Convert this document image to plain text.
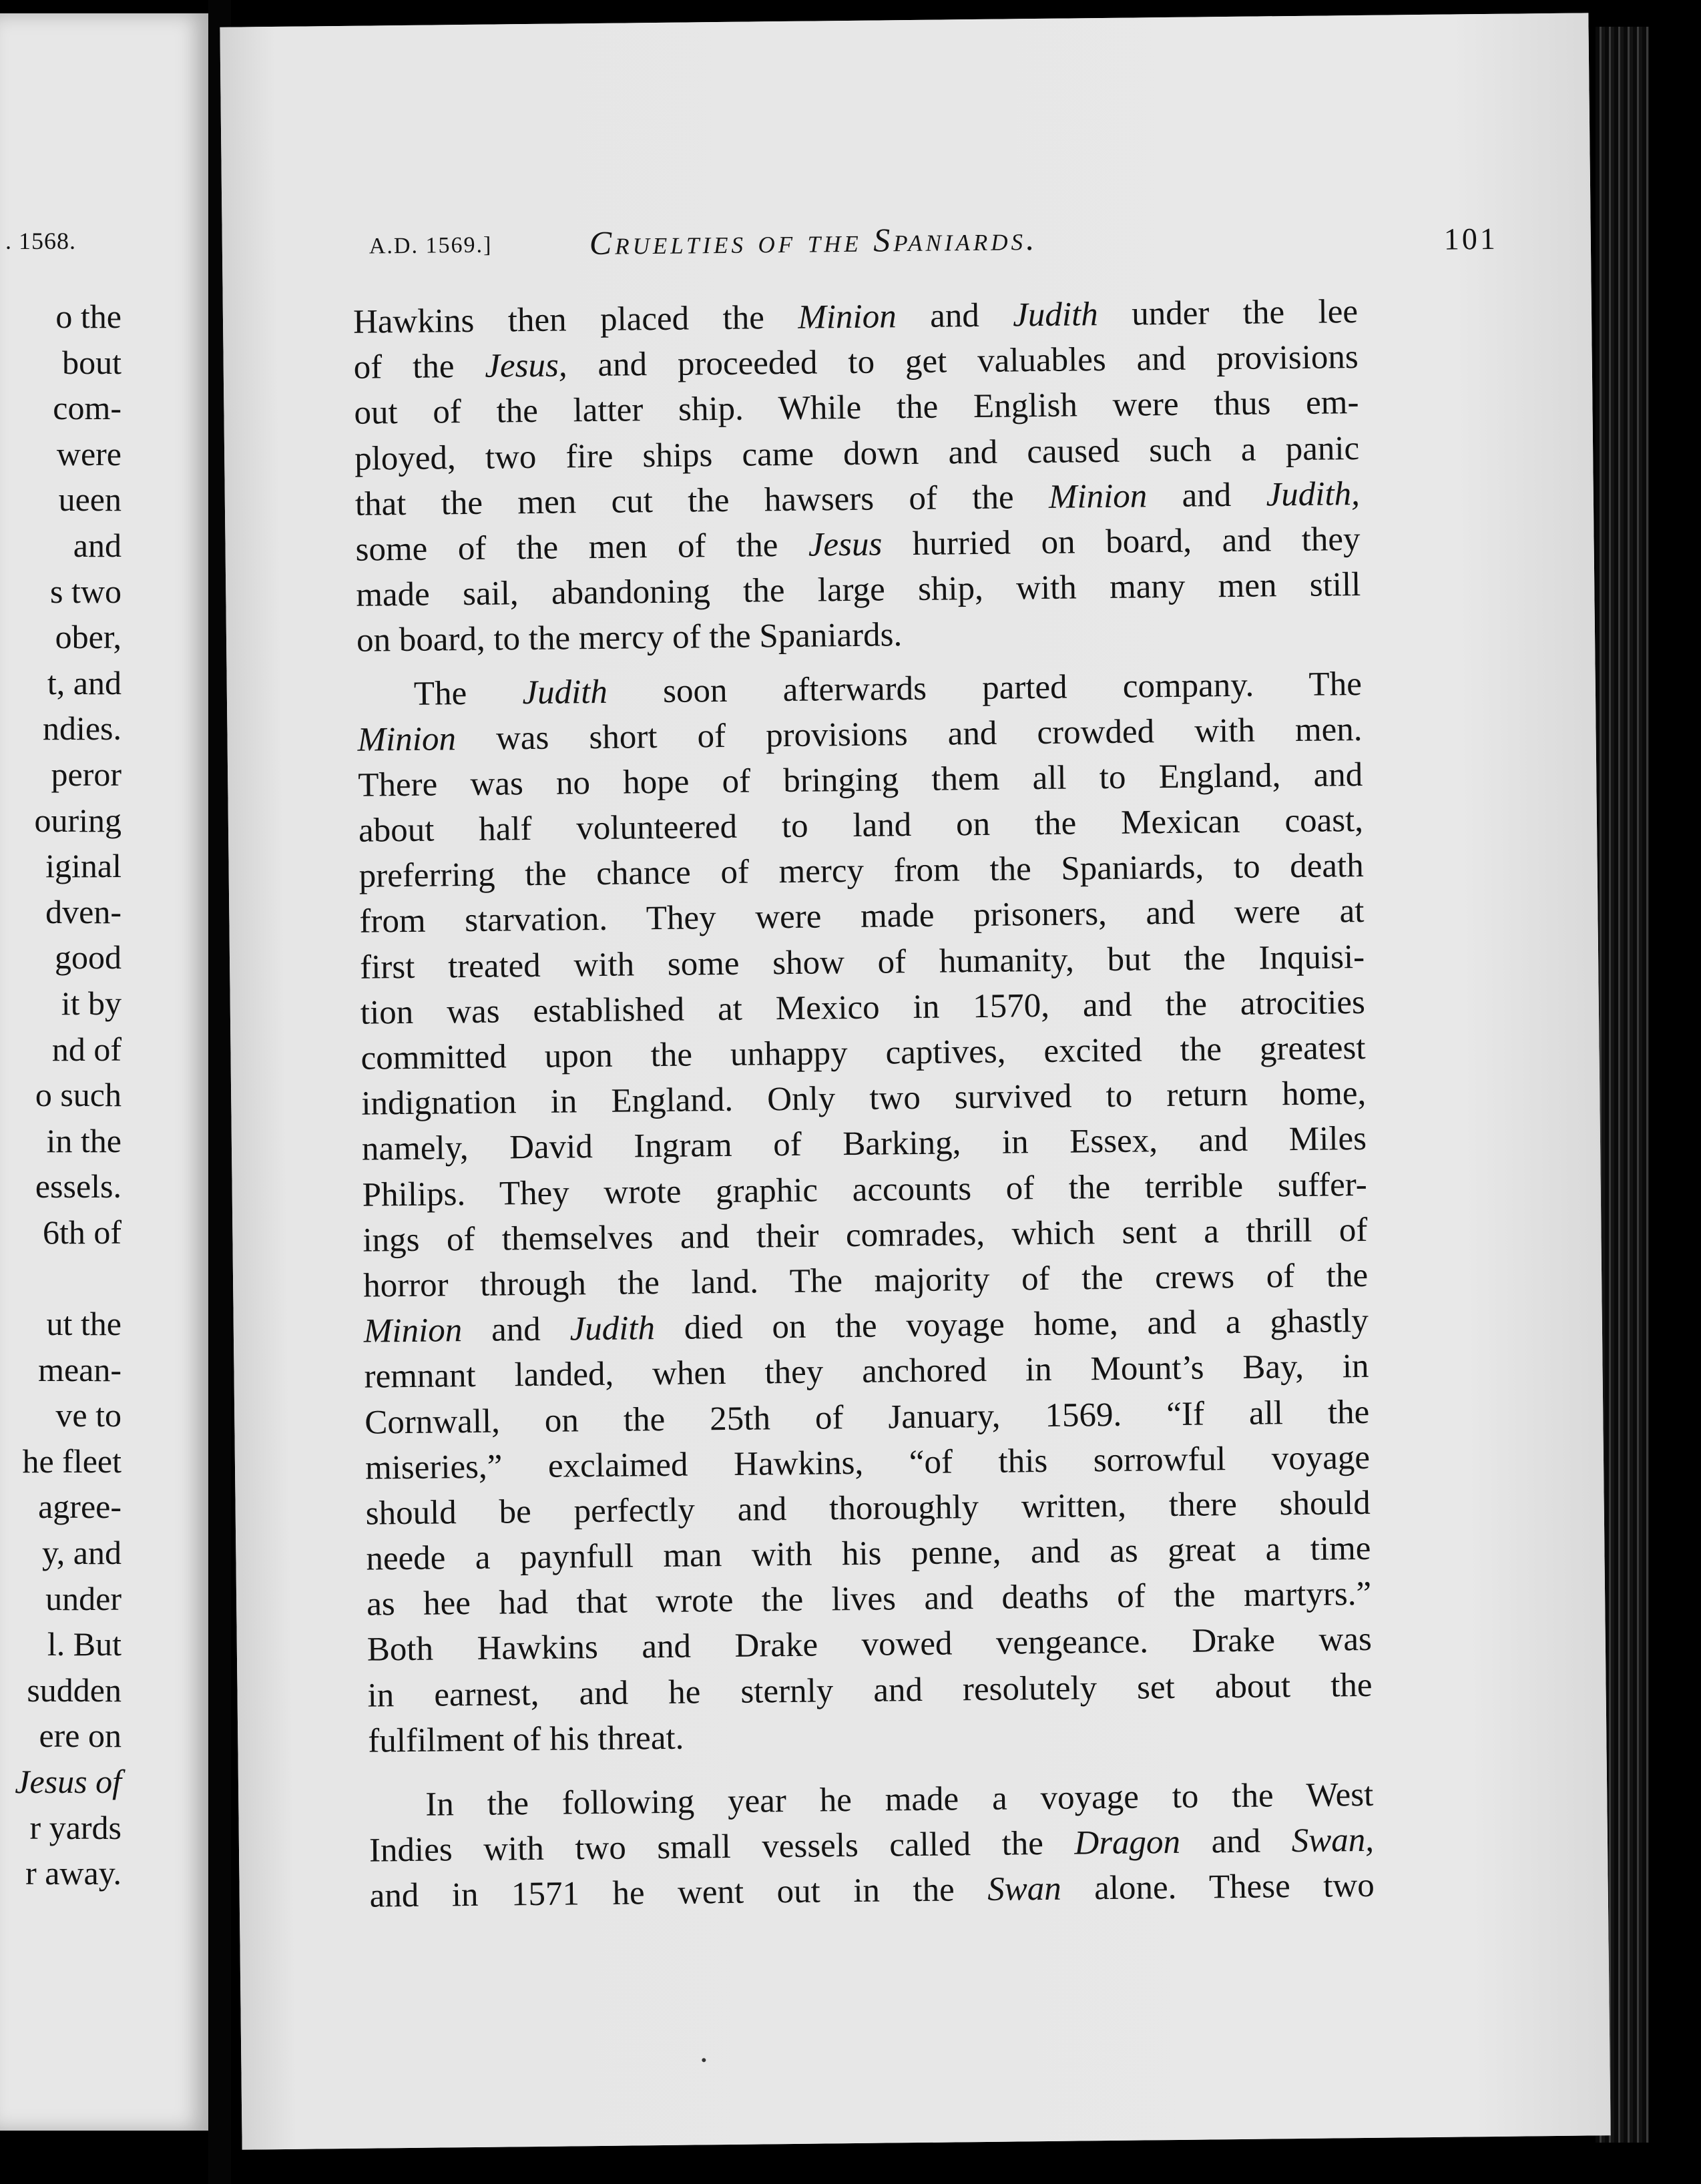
. 1568.
o the
bout
com-
were
ueen
and
s two
ober,
t, and
ndies.
peror
ouring
iginal
dven-
good
it by
nd of
o such
in the
essels.
6th of
ut the
mean-
ve to
he fleet
agree-
y, and
under
l. But
sudden
ere on
Jesus of
r yards
r away.
A.D. 1569.]	Cruelties of the Spaniards.	101
Hawkins then placed the Minion and Judith under the lee
of the Jesus, and proceeded to get valuables and provisions
out of the latter ship. While the English were thus em-
ployed, two fire ships came down and caused such a panic
that the men cut the hawsers of the Minion and Judith,
some of the men of the Jesus hurried on board, and they
made sail, abandoning the large ship, with many men still
on board, to the mercy of the Spaniards.
The Judith soon afterwards parted company. The
Minion was short of provisions and crowded with men.
There was no hope of bringing them all to England, and
about half volunteered to land on the Mexican coast,
preferring the chance of mercy from the Spaniards, to death
from starvation. They were made prisoners, and were at
first treated with some show of humanity, but the Inquisi-
tion was established at Mexico in 1570, and the atrocities
committed upon the unhappy captives, excited the greatest
indignation in England. Only two survived to return home,
namely, David Ingram of Barking, in Essex, and Miles
Philips. They wrote graphic accounts of the terrible suffer-
ings of themselves and their comrades, which sent a thrill of
horror through the land. The majority of the crews of the
Minion and Judith died on the voyage home, and a ghastly
remnant landed, when they anchored in Mount’s Bay, in
Cornwall, on the 25th of January, 1569. “If all the
miseries,” exclaimed Hawkins, “of this sorrowful voyage
should be perfectly and thoroughly written, there should
neede a paynfull man with his penne, and as great a time
as hee had that wrote the lives and deaths of the martyrs.”
Both Hawkins and Drake vowed vengeance. Drake was
in earnest, and he sternly and resolutely set about the
fulfilment of his threat.
In the following year he made a voyage to the West
Indies with two small vessels called the Dragon and Swan,
and in 1571 he went out in the Swan alone. These two
